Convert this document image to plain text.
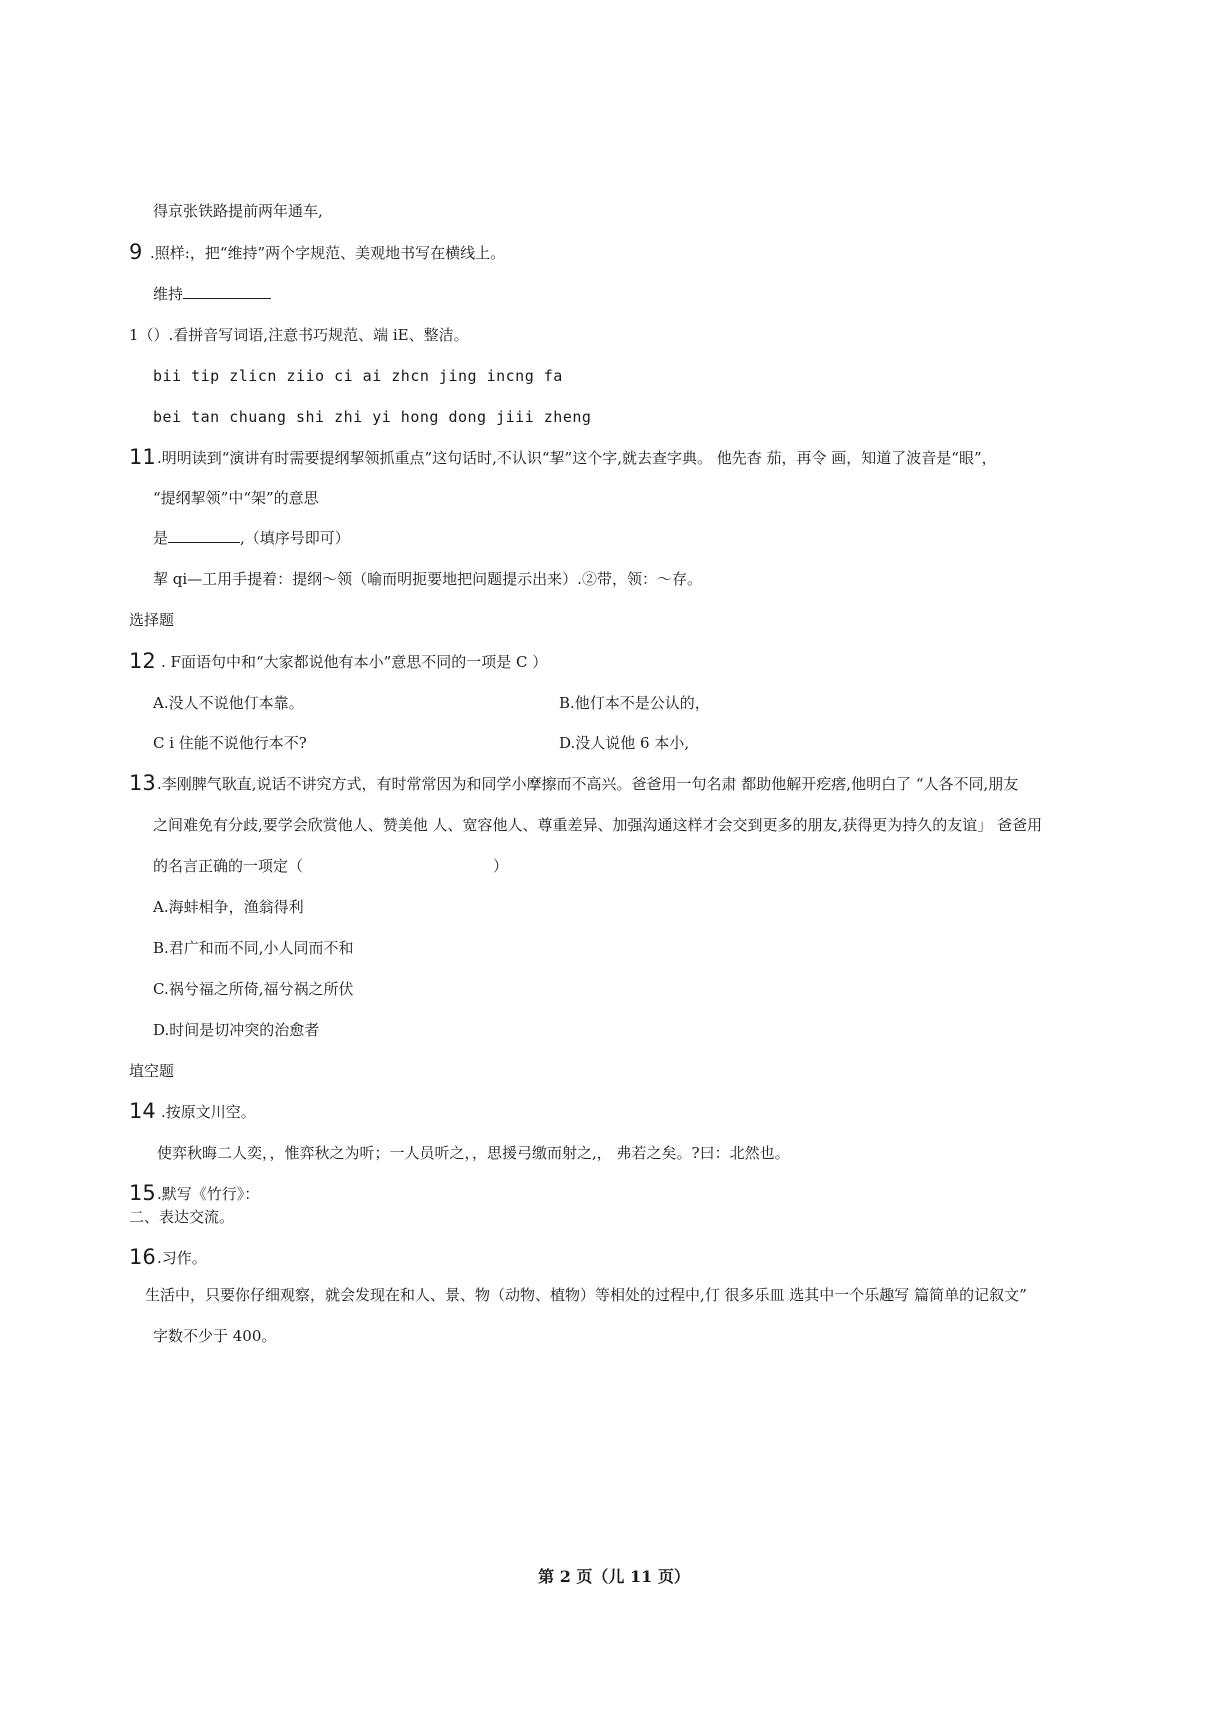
得京张铁路提前两年通车,
9 .照样:，把“维持”两个字规范、美观地书写在横线上。
维持
1（）.看拼音写词语,注意书巧规范、端 iE、整洁。
bii tip zlicn ziio ci ai zhcn jing incng fa
bei tan chuang shi zhi yi hong dong jiii zheng
11 .明明读到“演讲有时需要提纲挈领抓重点”这句话时,不认识“挈”这个字,就去查字典。 他先杳 茄，再令 画，知道了波音是“眼”，
“提纲挈领”中“架”的意思
是	,（填序号即可）
挈 qi—工用手提着：提纲～领（喻而明扼要地把问题提示出来）.②带，领：～存。
选择题
12 . F面语句中和“大家都说他有本小”意思不同的一项是 C ）
A.没人不说他仃本靠。	B.他仃本不是公认的，
C i 住能不说他行本不?	D.没人说他 6 本小,
13 .李刚脾气耿直,说话不讲究方式，有时常常因为和同学小摩擦而不高兴。爸爸用一句名肃 都助他解开疙瘩,他明白了 “人各不同,朋友
之间难免有分歧,要学会欣赏他人、赞美他 人、宽容他人、尊重差异、加强沟通这样才会交到更多的朋友,获得更为持久的友谊」 爸爸用
的名言正确的一项定（	）
A.海蚌相争，渔翁得利
B.君广和而不同,小人同而不和
C.祸兮福之所倚,福兮祸之所伏
D.时间是切冲突的治愈者
埴空题
14 .按原文川空。
使弈秋晦二人奕，，惟弈秋之为听；一人员听之，，思援弓缴而射之,， 弗若之矣。?曰：北然也。
15 .默写《竹行》：
二、表达交流。
16 .习作。
生活中，只要你仔细观察，就会发现在和人、景、物（动物、植物）等相处的过程中,仃 很多乐皿 选其中一个乐趣写 篇简单的记叙文”
字数不少于 400。
第 2 页（儿 11 页）
